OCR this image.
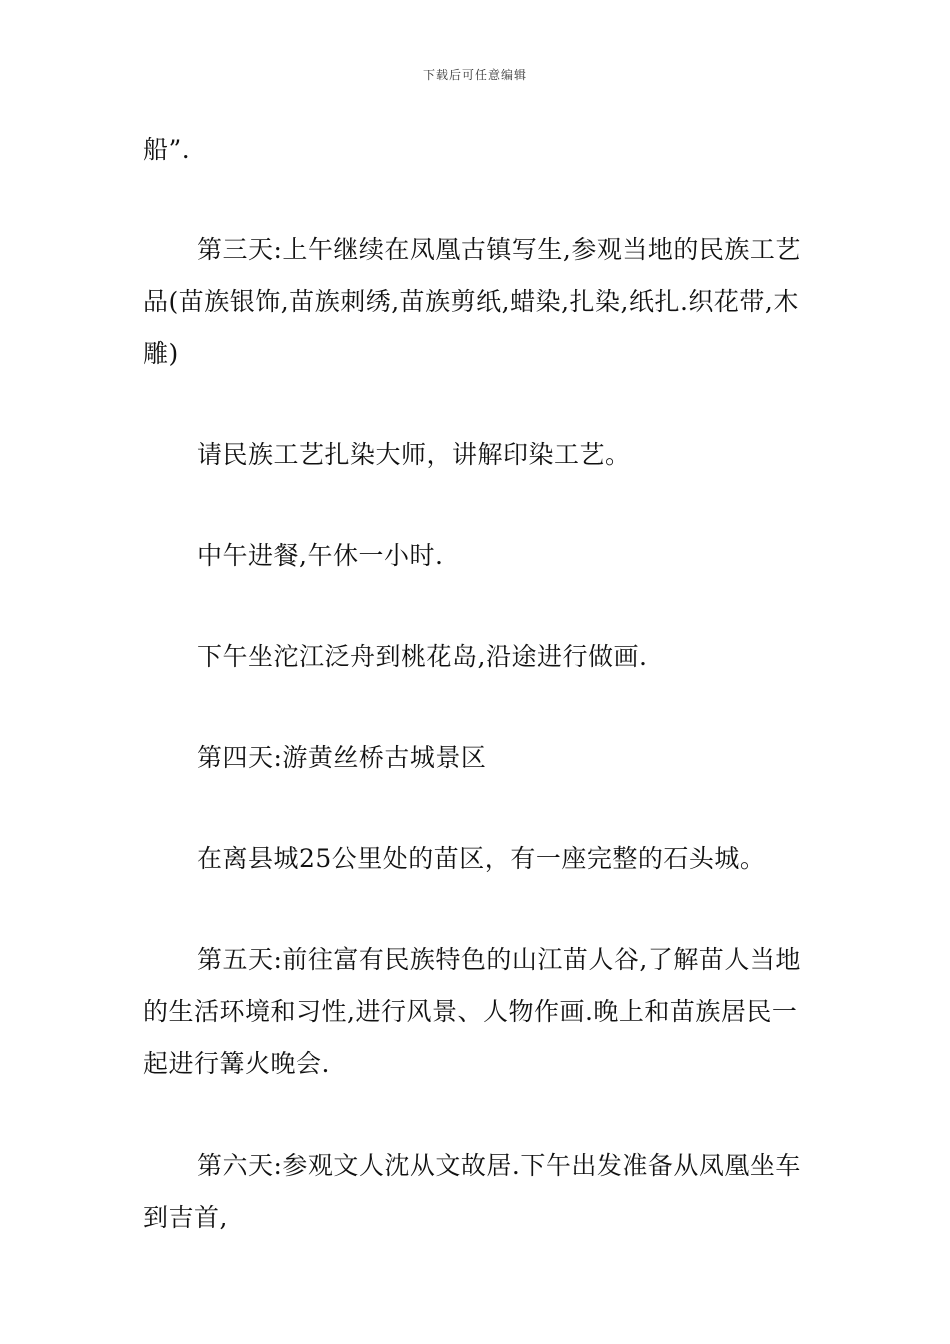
下载后可任意编辑

船”.

第三天:上午继续在凤凰古镇写生,参观当地的民族工艺品(苗族银饰,苗族刺绣,苗族剪纸,蜡染,扎染,纸扎.织花带,木雕)

请民族工艺扎染大师，讲解印染工艺。

中午进餐,午休一小时.

下午坐沱江泛舟到桃花岛,沿途进行做画.

第四天:游黄丝桥古城景区

在离县城25公里处的苗区，有一座完整的石头城。

第五天:前往富有民族特色的山江苗人谷,了解苗人当地的生活环境和习性,进行风景、人物作画.晚上和苗族居民一起进行篝火晚会.

第六天:参观文人沈从文故居.下午出发准备从凤凰坐车到吉首,
